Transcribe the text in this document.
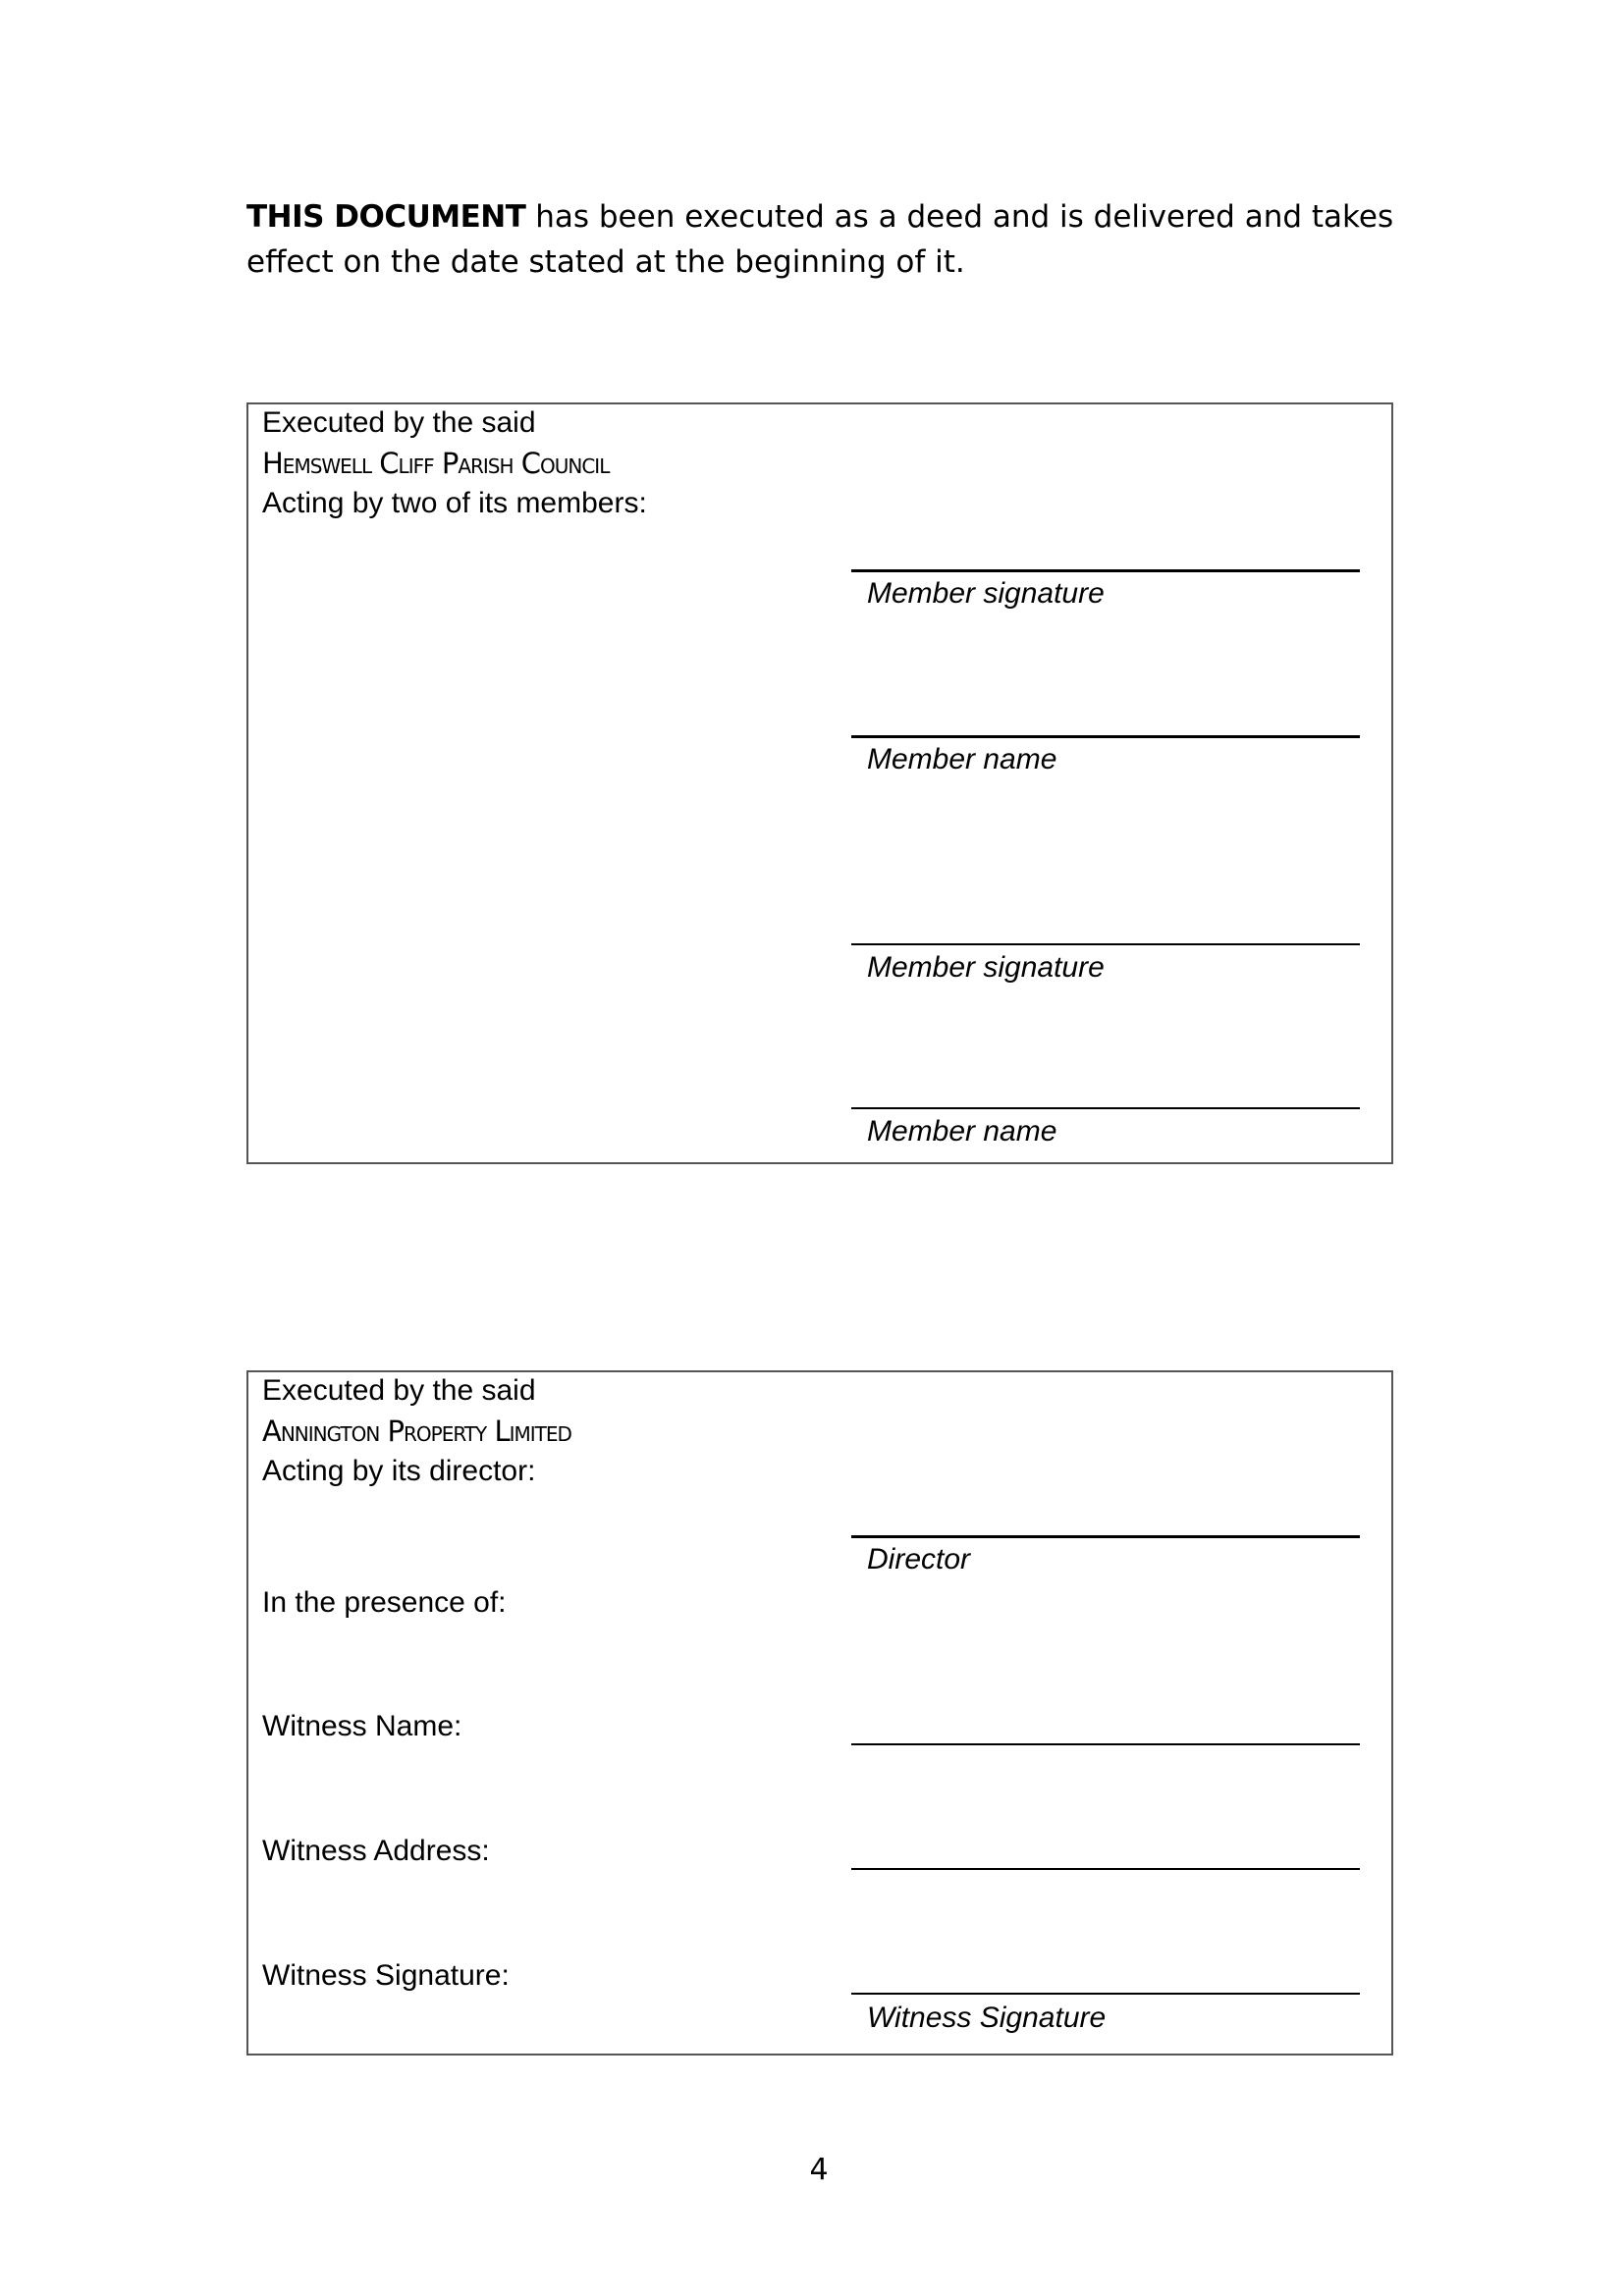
THIS DOCUMENT has been executed as a deed and is delivered and takes effect on the date stated at the beginning of it.

Executed by the said
Hemswell Cliff Parish Council
Acting by two of its members:
Member signature
Member name
Member signature
Member name
Executed by the said
Annington Property Limited
Acting by its director:
Director
In the presence of:
Witness Name:
Witness Address:
Witness Signature:
Witness Signature
4
